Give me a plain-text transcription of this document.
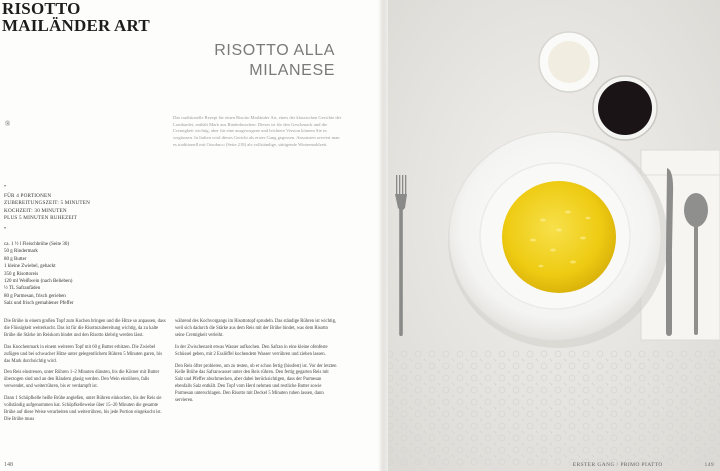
RISOTTO
MAILÄNDER ART
RISOTTO ALLA
MILANESE
®
Das traditionelle Rezept für einen Risotto Mailänder Art, eines der klassischen Gerichte der Lombardei, enthält Mark aus Rinderknochen. Dieses ist für den Geschmack und die Cremigkeit wichtig, aber für eine ausgewogene und leichtere Version können Sie es weglassen. In Italien wird dieses Gericht als erster Gang gegessen. Ansonsten serviert man es traditionell mit Ossobuco (Seite 218) als vollständige, sättigende Wintermahlzeit.
•
FÜR 4 PORTIONEN
ZUBEREITUNGSZEIT: 5 MINUTEN
KOCHZEIT: 30 MINUTEN
PLUS 5 MINUTEN RUHEZEIT
•
ca. 1 ½ l Fleischbrühe (Seite 30)
50 g Rindermark
80 g Butter
1 kleine Zwiebel, gehackt
350 g Risottoreis
120 ml Weißwein (nach Belieben)
½ TL Safranfäden
80 g Parmesan, frisch gerieben
Salz und frisch gemahlener Pfeffer

Die Brühe in einem großen Topf zum Kochen bringen und die Hitze so anpassen, dass die Flüssigkeit weiterkocht. Das ist für die Risottozubereitung wichtig, da zu kalte Brühe die Stärke im Reiskorn bindet und den Risotto klebrig werden lässt.

Das Knochenmark in einem weiteren Topf mit 60 g Butter erhitzen. Die Zwiebel zufügen und bei schwacher Hitze unter gelegentlichem Rühren 5 Minuten garen, bis das Mark durchsichtig wird.

Den Reis einstreuen, unter Rühren 1–2 Minuten dünsten, bis die Körner mit Butter überzogen sind und an den Rändern glasig werden. Den Wein einrühren, falls verwendet, und weiterrühren, bis er verdampft ist.

Dann 1 Schöpfkelle heiße Brühe angießen, unter Rühren einkochen, bis der Reis sie vollständig aufgenommen hat. Schöpfkelleweise über 15–20 Minuten die gesamte Brühe auf diese Weise verarbeiten und weiterrühren, bis jede Portion eingekocht ist. Die Brühe muss

während des Kochvorgangs im Risottotopf sprudeln. Das ständige Rühren ist wichtig, weil sich dadurch die Stärke aus dem Reis mit der Brühe bindet, was dem Risotto seine Cremigkeit verleiht.

In der Zwischenzeit etwas Wasser aufkochen. Den Safran in eine kleine ofenfeste Schüssel geben, mit 2 Esslöffel kochendem Wasser verrühren und ziehen lassen.

Den Reis öfter probieren, um zu testen, ob er schon fertig (bissfest) ist. Vor der letzten Kelle Brühe das Safranwasser unter den Reis rühren. Den fertig gegarten Reis mit Salz und Pfeffer abschmecken, aber dabei berücksichtigen, dass der Parmesan ebenfalls Salz enthält. Den Topf vom Herd nehmen und restliche Butter sowie Parmesan unterschlagen. Den Risotto mit Deckel 5 Minuten ruhen lassen, dann servieren.

148	ERSTER GANG / PRIMO PIATTO	149
